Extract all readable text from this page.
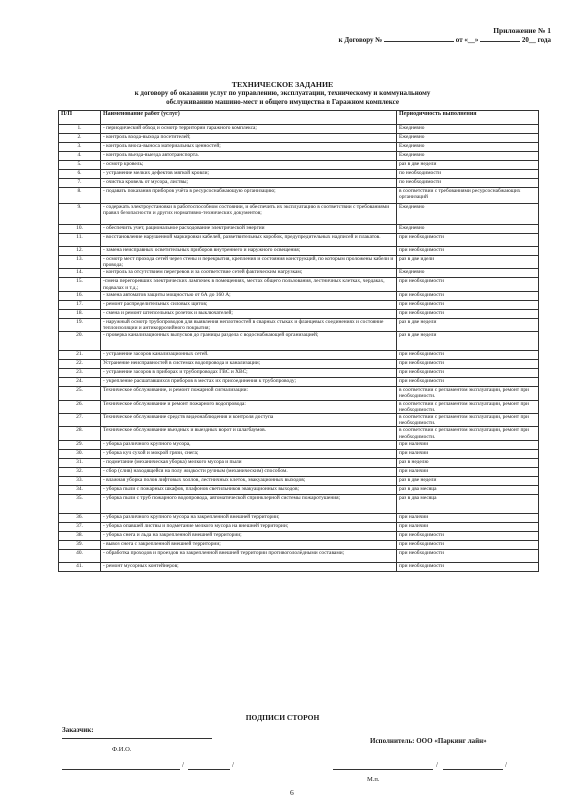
Приложение № 1
к Договору №	от «__»	20__ года
ТЕХНИЧЕСКОЕ ЗАДАНИЕ
к договору об оказании услуг по управлению, эксплуатации, техническому и коммунальному
обслуживанию машино-мест и общего имущества в Гаражном комплексе
П/П	Наименование работ (услуг)	Периодичность выполнения
1.	- периодический обход и осмотр территории гаражного комплекса;	Ежедневно
2.	- контроль входа-выхода посетителей;	Ежедневно
3.	- контроль вноса-выноса материальных ценностей;	Ежедневно
4.	- контроль въезда-выезда автотранспорта.	Ежедневно
5.	- осмотр кровель;	раз в две недели
6.	- устранение мелких дефектов мягкой кровли;	по необходимости
7.	- очистка кровель от мусора, листвы;	по необходимости
8.	- подавать показания приборов учёта в ресурсоснабжающую организацию;	в соответствии с требованиями ресурсоснабжающих организаций
9.	- содержать электроустановки в работоспособном состоянии, и обеспечить их эксплуатацию в соответствии с требованиями правил безопасности и других нормативно-технических документов;	Ежедневно
10.	- обеспечить учет, рациональное расходование электрической энергии	Ежедневно
11.	- восстановление нарушенной маркировки кабелей, разветвительных коробок, предупредительных надписей и плакатов.	при необходимости
12.	- замена неисправных осветительных приборов внутреннего и наружного освещения;	при необходимости
13.	- осмотр мест прохода сетей через стены и перекрытия, крепления и состояния конструкций, по которым проложены кабели и провода;	раз в две идели
14.	- контроль за отсутствием перегревов и за соответствие сетей фактическим нагрузкам;	Ежедневно
15.	-смена перегоревших электрических лампочек в помещениях, местах общего пользования, лестничных клетках, чердаках, подвалах и т.д.;	при необходимости
16.	- замена автоматов защиты мощностью от 6А до 160 А;	при необходимости
17.	- ремонт распределительных силовых щитов;	при необходимости
18.	- смена и ремонт штепсельных розеток и выключателей;	при необходимости
19.	- наружный осмотр трубопроводов для выявления неплотностей в сварных стыках и фланцевых соединениях и состояние теплоизоляции и антикоррозийного покрытия;	раз в две недели
20.	- проверка канализационных выпусков до границы раздела с водоснабжающей организацией;	раз в две недели
21.	- устранение засоров канализационных сетей.	при необходимости
22.	Устранение неисправностей в системах водопровода и канализации;	при необходимости
23.	- устранение засоров в приборах и трубопроводах ГВС и ХВС;	при необходимости
24.	- укрепление расшатавшихся приборов в местах их присоединения к трубопроводу;	при необходимости
25.	Техническое обслуживание, и ремонт пожарной сигнализации:	в соответствии с регламентом эксплуатации, ремонт при необходимости.
26.	Техническое обслуживание и ремонт пожарного водопровода:	в соответствии с регламентом эксплуатации, ремонт при необходимости.
27.	Техническое обслуживание средств видеонаблюдения и контроля доступа	в соответствии с регламентом эксплуатации, ремонт при необходимости.
28.	Техническое обслуживание въездных и выездных ворот и шлагбаумов.	в соответствии с регламентом эксплуатации, ремонт при необходимости.
29.	- уборка различного крупного мусора,	при наличии
30.	- уборка куч сухой и мокрой грязи, снега;	при наличии
31.	- подметание (механическая уборка) мелкого мусора и пыли	раз в неделю
32.	- сбор (слив) находящейся на полу жидкости ручным (механическим) способом.	при наличии
33.	- влажная уборка полов лифтовых холлов, лестничных клеток, эвакуационных выходов;	раз в две недели
34.	- уборка пыли с пожарных шкафов, плафонов светильников эвакуационных выходов;	раз в два месяца
35.	- уборка пыли с труб пожарного водопровода, автоматической спринклерной системы пожаротушения;	раз в два месяца
36.	- уборка различного крупного мусора на закрепленной внешней территории;	при наличии
37.	- уборка опавшей листвы и подметание мелкого мусора на внешней территории;	при наличии
38.	- уборка снега и льда на закрепленной внешней территории;	при необходимости
39.	- вывоз снега с закрепленной внешней территории;	при необходимости
40.	- обработка проходов и проездов на закрепленной внешней территории противогололёдными составами;	при необходимости
41.	- ремонт мусорных контейнеров;	при необходимости
ПОДПИСИ СТОРОН
Заказчик:
Ф.И.О.
Исполнитель: ООО «Паркинг лайн»
/	/	/	/
М.п.
6
